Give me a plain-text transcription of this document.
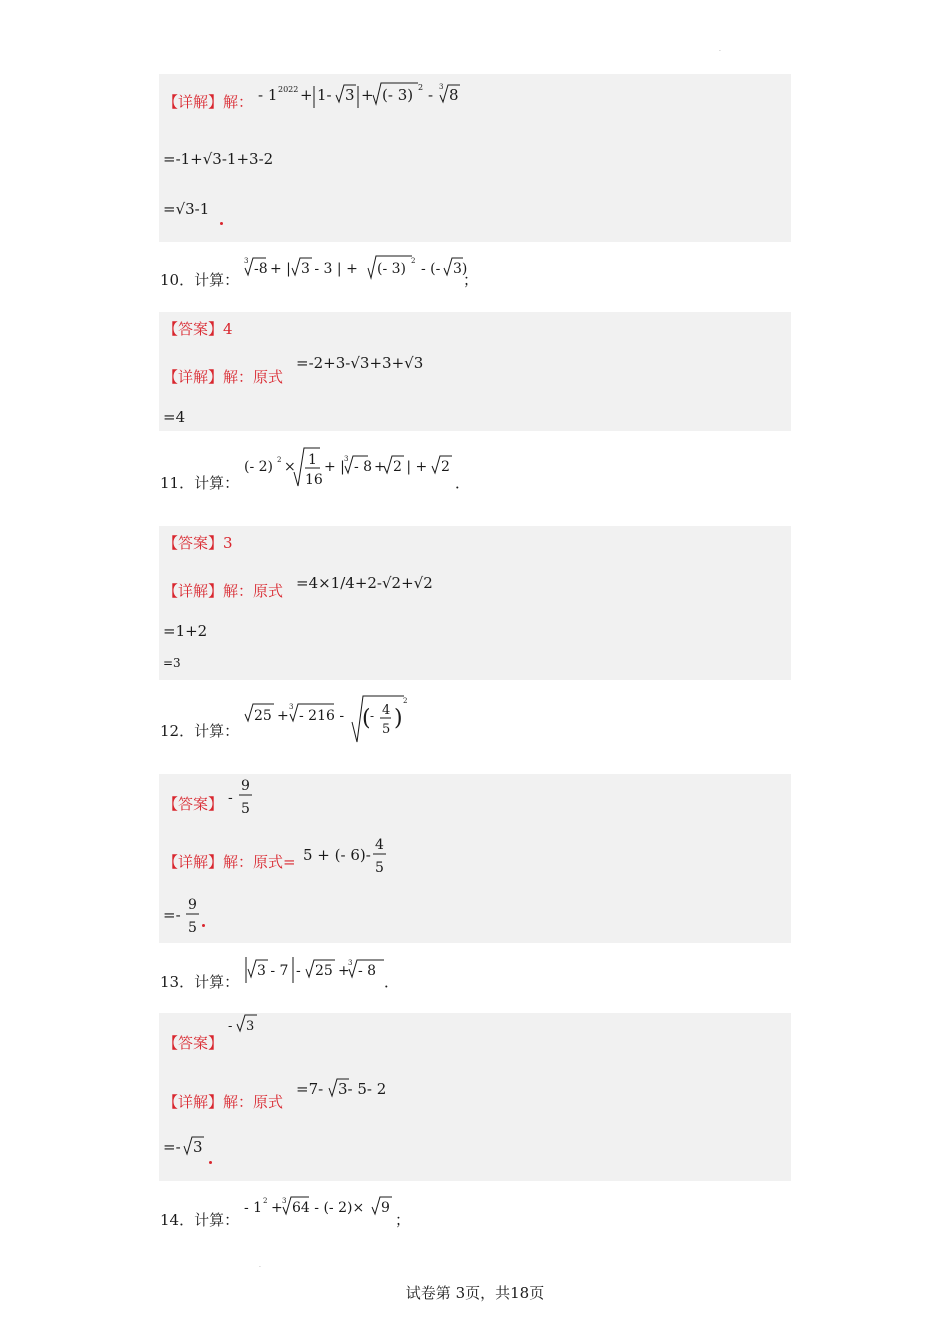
【详解】解： - 1 2022 + 1- 3 + (- 3) 2 - 3 8
=-1+√3-1+3-2
=√3-1
10．计算：
3 -8 + | 3 - 3 | + (- 3) 2 - (- 3)
；
【答案】4
【详解】解：原式
=-2+3-√3+3+√3
=4
11．计算：
(- 2) 2 × 1
16
+ | 3 - 8 + 2 | + 2
．
【答案】3
【详解】解：原式 =4×1/4+2-√2+√2
=1+2
=3
12．计算：
25 +
3
- 216 - ( - 4
5 )
2
【答案】 -
9
5
【详解】解：原式= 5 + (- 6)-
4
5
=-
9
5
13．计算：
3 - 7 - 25 +
3 - 8
．
【答案】
- 3
【详解】解：原式
=7- 3- 5- 2
=- 3
14．计算：
- 1 2 + 3 64 - (- 2)× 9
；
.
.
试卷第 3页，共18页
